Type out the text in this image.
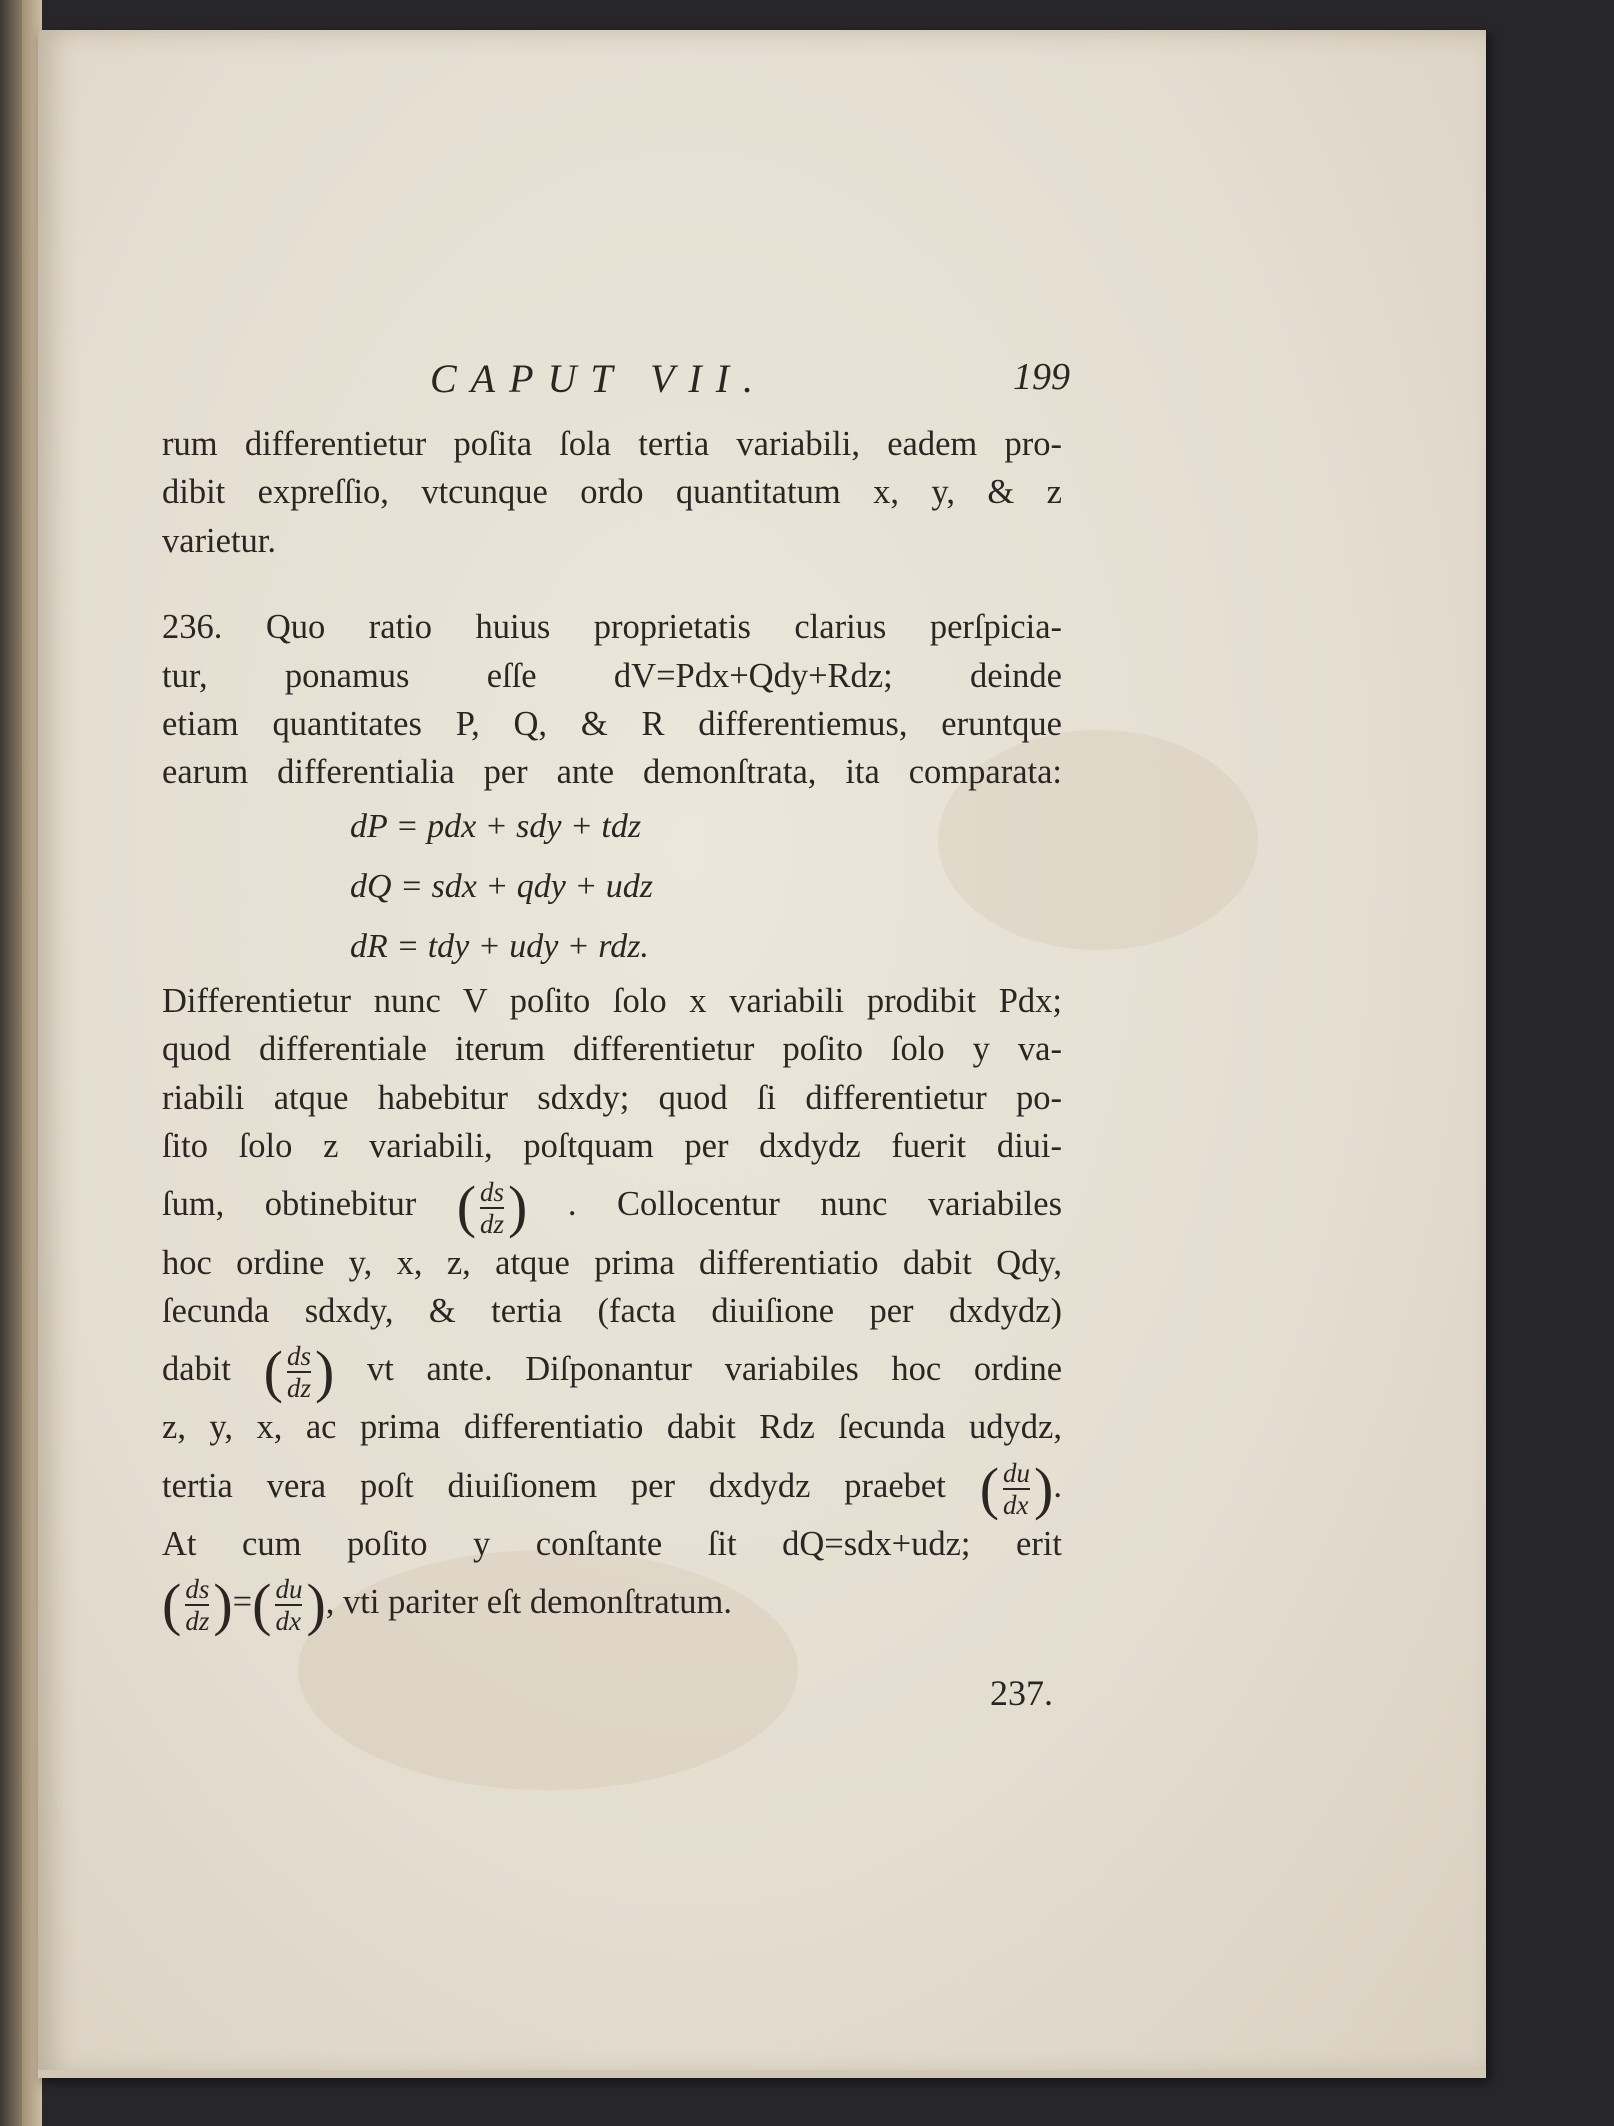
CAPUT VII.	199
rum differentietur poſita ſola tertia variabili, eadem pro-
dibit expreſſio, vtcunque ordo quantitatum x, y, & z
varietur.
236. Quo ratio huius proprietatis clarius perſpicia-
tur, ponamus eſſe dV=Pdx+Qdy+Rdz; deinde
etiam quantitates P, Q, & R differentiemus, eruntque
earum differentialia per ante demonſtrata, ita comparata:
dP = pdx + sdy + tdz
dQ = sdx + qdy + udz
dR = tdy + udy + rdz.
Differentietur nunc V poſito ſolo x variabili prodibit Pdx;
quod differentiale iterum differentietur poſito ſolo y va-
riabili atque habebitur sdxdy; quod ſi differentietur po-
ſito ſolo z variabili, poſtquam per dxdydz fuerit diui-
ſum, obtinebitur ( $\frac{ds}{dz}$ ) . Collocentur nunc variabiles
hoc ordine y, x, z, atque prima differentiatio dabit Qdy,
ſecunda sdxdy, & tertia (facta diuiſione per dxdydz)
dabit ( $\frac{ds}{dz}$ ) vt ante. Diſponantur variabiles hoc ordine
z, y, x, ac prima differentiatio dabit Rdz ſecunda udydz,
tertia vera poſt diuiſionem per dxdydz praebet ( $\frac{du}{dx}$ ).
At cum poſito y conſtante ſit dQ=sdx+udz; erit
( $\frac{ds}{dz}$ )=( $\frac{du}{dx}$ ), vti pariter eſt demonſtratum.
237.
